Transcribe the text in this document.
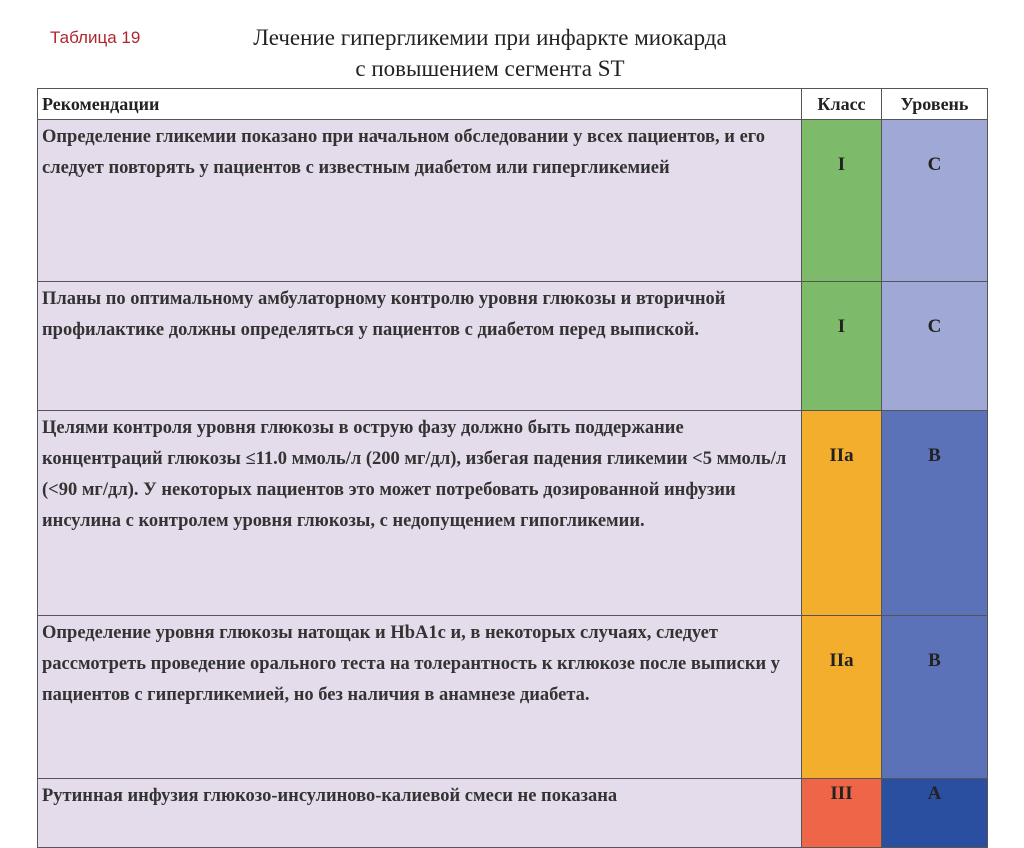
Таблица 19	Лечение гипергликемии при инфаркте миокарда
с повышением сегмента ST
Рекомендации	Класс	Уровень
Определение гликемии показано при начальном обследовании у всех пациентов, и его следует повторять у пациентов с известным диабетом или гипергликемией	I	C
Планы по оптимальному амбулаторному контролю уровня глюкозы и вторичной профилактике должны определяться у пациентов с диабетом перед выпиской.	I	C
Целями контроля уровня глюкозы в острую фазу должно быть поддержание концентраций глюкозы ≤11.0 ммоль/л (200 мг/дл), избегая падения гликемии <5 ммоль/л (<90 мг/дл). У некоторых пациентов это может потребовать дозированной инфузии инсулина с контролем уровня глюкозы, с недопущением гипогликемии.	IIa	B
Определение уровня глюкозы натощак и HbA1c и, в некоторых случаях, следует рассмотреть проведение орального теста на толерантность к кглюкозе после выписки у пациентов с гипергликемией, но без наличия в анамнезе диабета.	IIa	B
Рутинная инфузия глюкозо-инсулиново-калиевой смеси не показана	III	A
